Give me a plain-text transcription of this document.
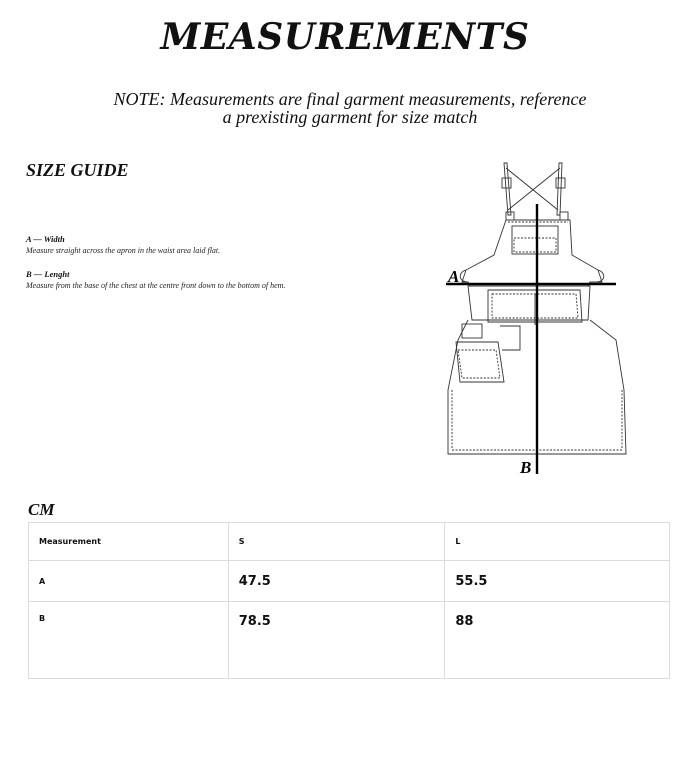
MEASUREMENTS

NOTE: Measurements are final garment measurements, reference
a prexisting garment for size match

SIZE GUIDE
A — Width
Measure straight across the apron in the waist area laid flat.
B — Lenght
Measure from the base of the chest at the centre front down to the bottom of hem.	A
B

CM

Measurement	S	L
A	47.5	55.5
B	78.5	88
